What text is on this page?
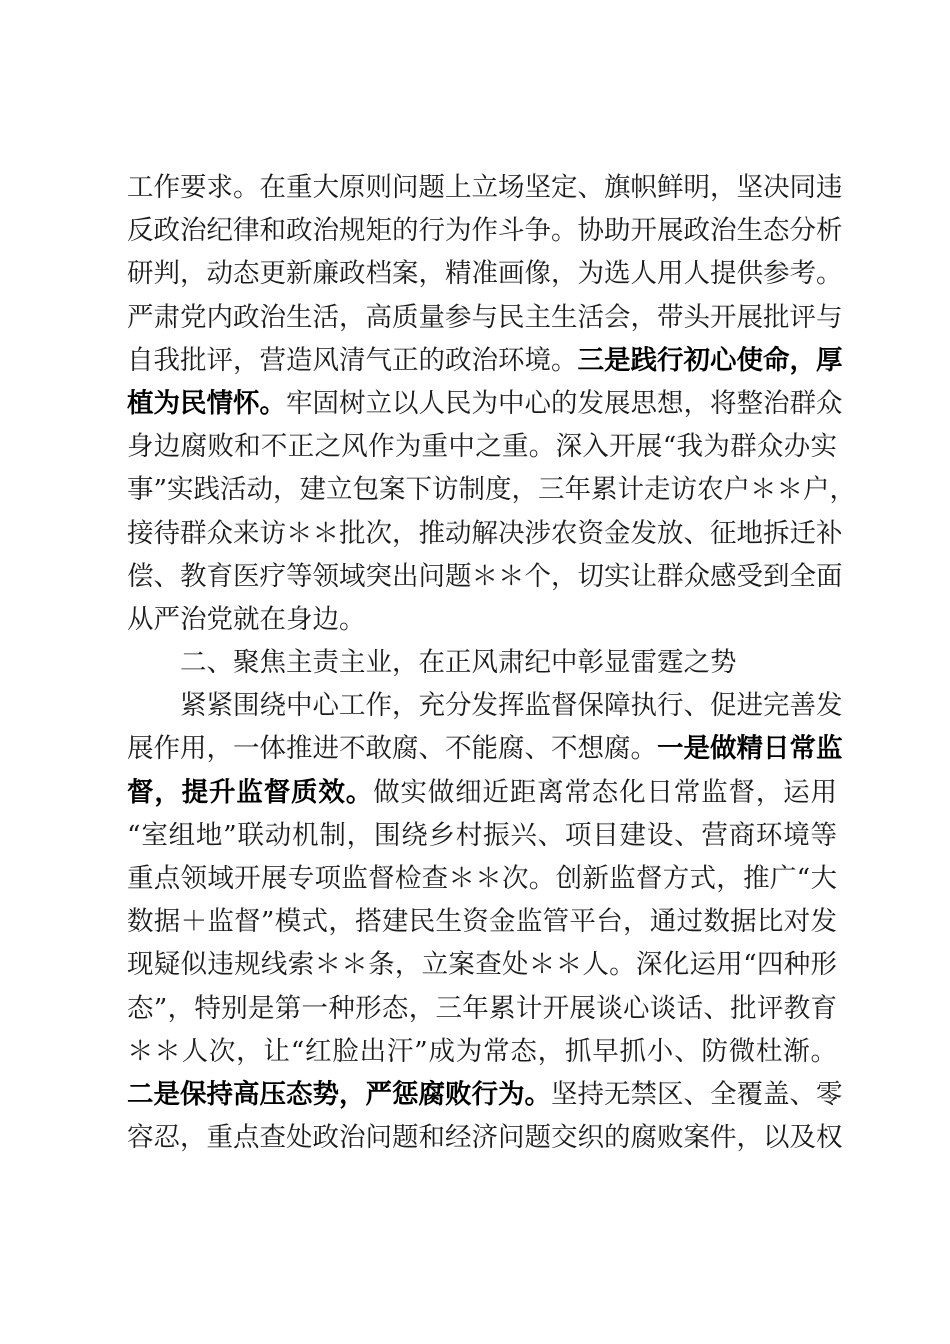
工作要求。在重大原则问题上立场坚定、旗帜鲜明，坚决同违
反政治纪律和政治规矩的行为作斗争。协助开展政治生态分析
研判，动态更新廉政档案，精准画像，为选人用人提供参考。
严肃党内政治生活，高质量参与民主生活会，带头开展批评与
自我批评，营造风清气正的政治环境。三是践行初心使命，厚
植为民情怀。牢固树立以人民为中心的发展思想，将整治群众
身边腐败和不正之风作为重中之重。深入开展“我为群众办实
事”实践活动，建立包案下访制度，三年累计走访农户＊＊户，
接待群众来访＊＊批次，推动解决涉农资金发放、征地拆迁补
偿、教育医疗等领域突出问题＊＊个，切实让群众感受到全面
从严治党就在身边。
二、聚焦主责主业，在正风肃纪中彰显雷霆之势
紧紧围绕中心工作，充分发挥监督保障执行、促进完善发
展作用，一体推进不敢腐、不能腐、不想腐。一是做精日常监
督，提升监督质效。做实做细近距离常态化日常监督，运用
“室组地”联动机制，围绕乡村振兴、项目建设、营商环境等
重点领域开展专项监督检查＊＊次。创新监督方式，推广“大
数据＋监督”模式，搭建民生资金监管平台，通过数据比对发
现疑似违规线索＊＊条，立案查处＊＊人。深化运用“四种形
态”，特别是第一种形态，三年累计开展谈心谈话、批评教育
＊＊人次，让“红脸出汗”成为常态，抓早抓小、防微杜渐。
二是保持高压态势，严惩腐败行为。坚持无禁区、全覆盖、零
容忍，重点查处政治问题和经济问题交织的腐败案件，以及权
